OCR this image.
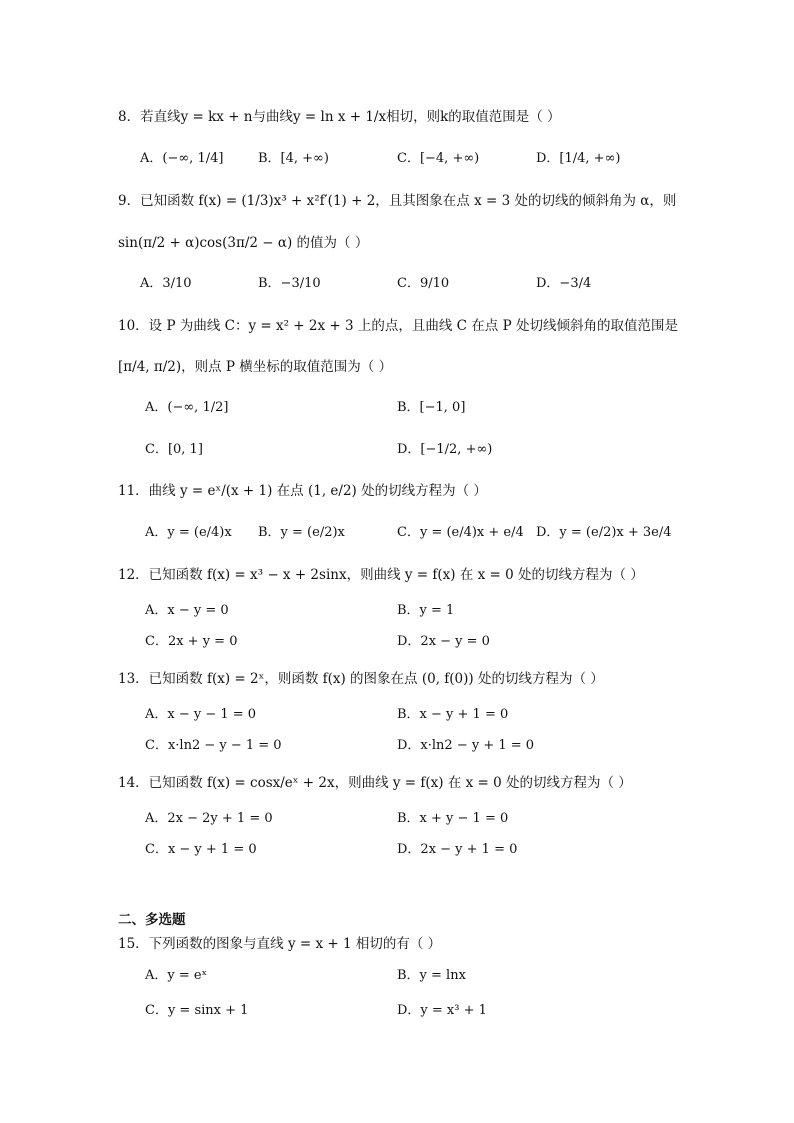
8．若直线y = kx + n与曲线y = ln x + 1/x相切，则k的取值范围是（ ）
A．(−∞, 1/4]	B．[4, +∞)	C．[−4, +∞)	D．[1/4, +∞)
9．已知函数 f(x) = (1/3)x³ + x²f′(1) + 2，且其图象在点 x = 3 处的切线的倾斜角为 α，则
sin(π/2 + α)cos(3π/2 − α) 的值为（ ）
A．3/10	B．−3/10	C．9/10	D．−3/4
10．设 P 为曲线 C：y = x² + 2x + 3 上的点，且曲线 C 在点 P 处切线倾斜角的取值范围是
[π/4, π/2)，则点 P 横坐标的取值范围为（ ）
A．(−∞, 1/2]	B．[−1, 0]
C．[0, 1]	D．[−1/2, +∞)
11．曲线 y = eˣ/(x + 1) 在点 (1, e/2) 处的切线方程为（ ）
A．y = (e/4)x B．y = (e/2)x	C．y = (e/4)x + e/4 D．y = (e/2)x + 3e/4
12．已知函数 f(x) = x³ − x + 2sinx，则曲线 y = f(x) 在 x = 0 处的切线方程为（ ）
A．x − y = 0	B．y = 1
C．2x + y = 0	D．2x − y = 0
13．已知函数 f(x) = 2ˣ，则函数 f(x) 的图象在点 (0, f(0)) 处的切线方程为（ ）
A．x − y − 1 = 0	B．x − y + 1 = 0
C．x·ln2 − y − 1 = 0	D．x·ln2 − y + 1 = 0
14．已知函数 f(x) = cosx/eˣ + 2x，则曲线 y = f(x) 在 x = 0 处的切线方程为（ ）
A．2x − 2y + 1 = 0	B．x + y − 1 = 0
C．x − y + 1 = 0	D．2x − y + 1 = 0
二、多选题
15．下列函数的图象与直线 y = x + 1 相切的有（ ）
A．y = eˣ	B．y = lnx
C．y = sinx + 1	D．y = x³ + 1
